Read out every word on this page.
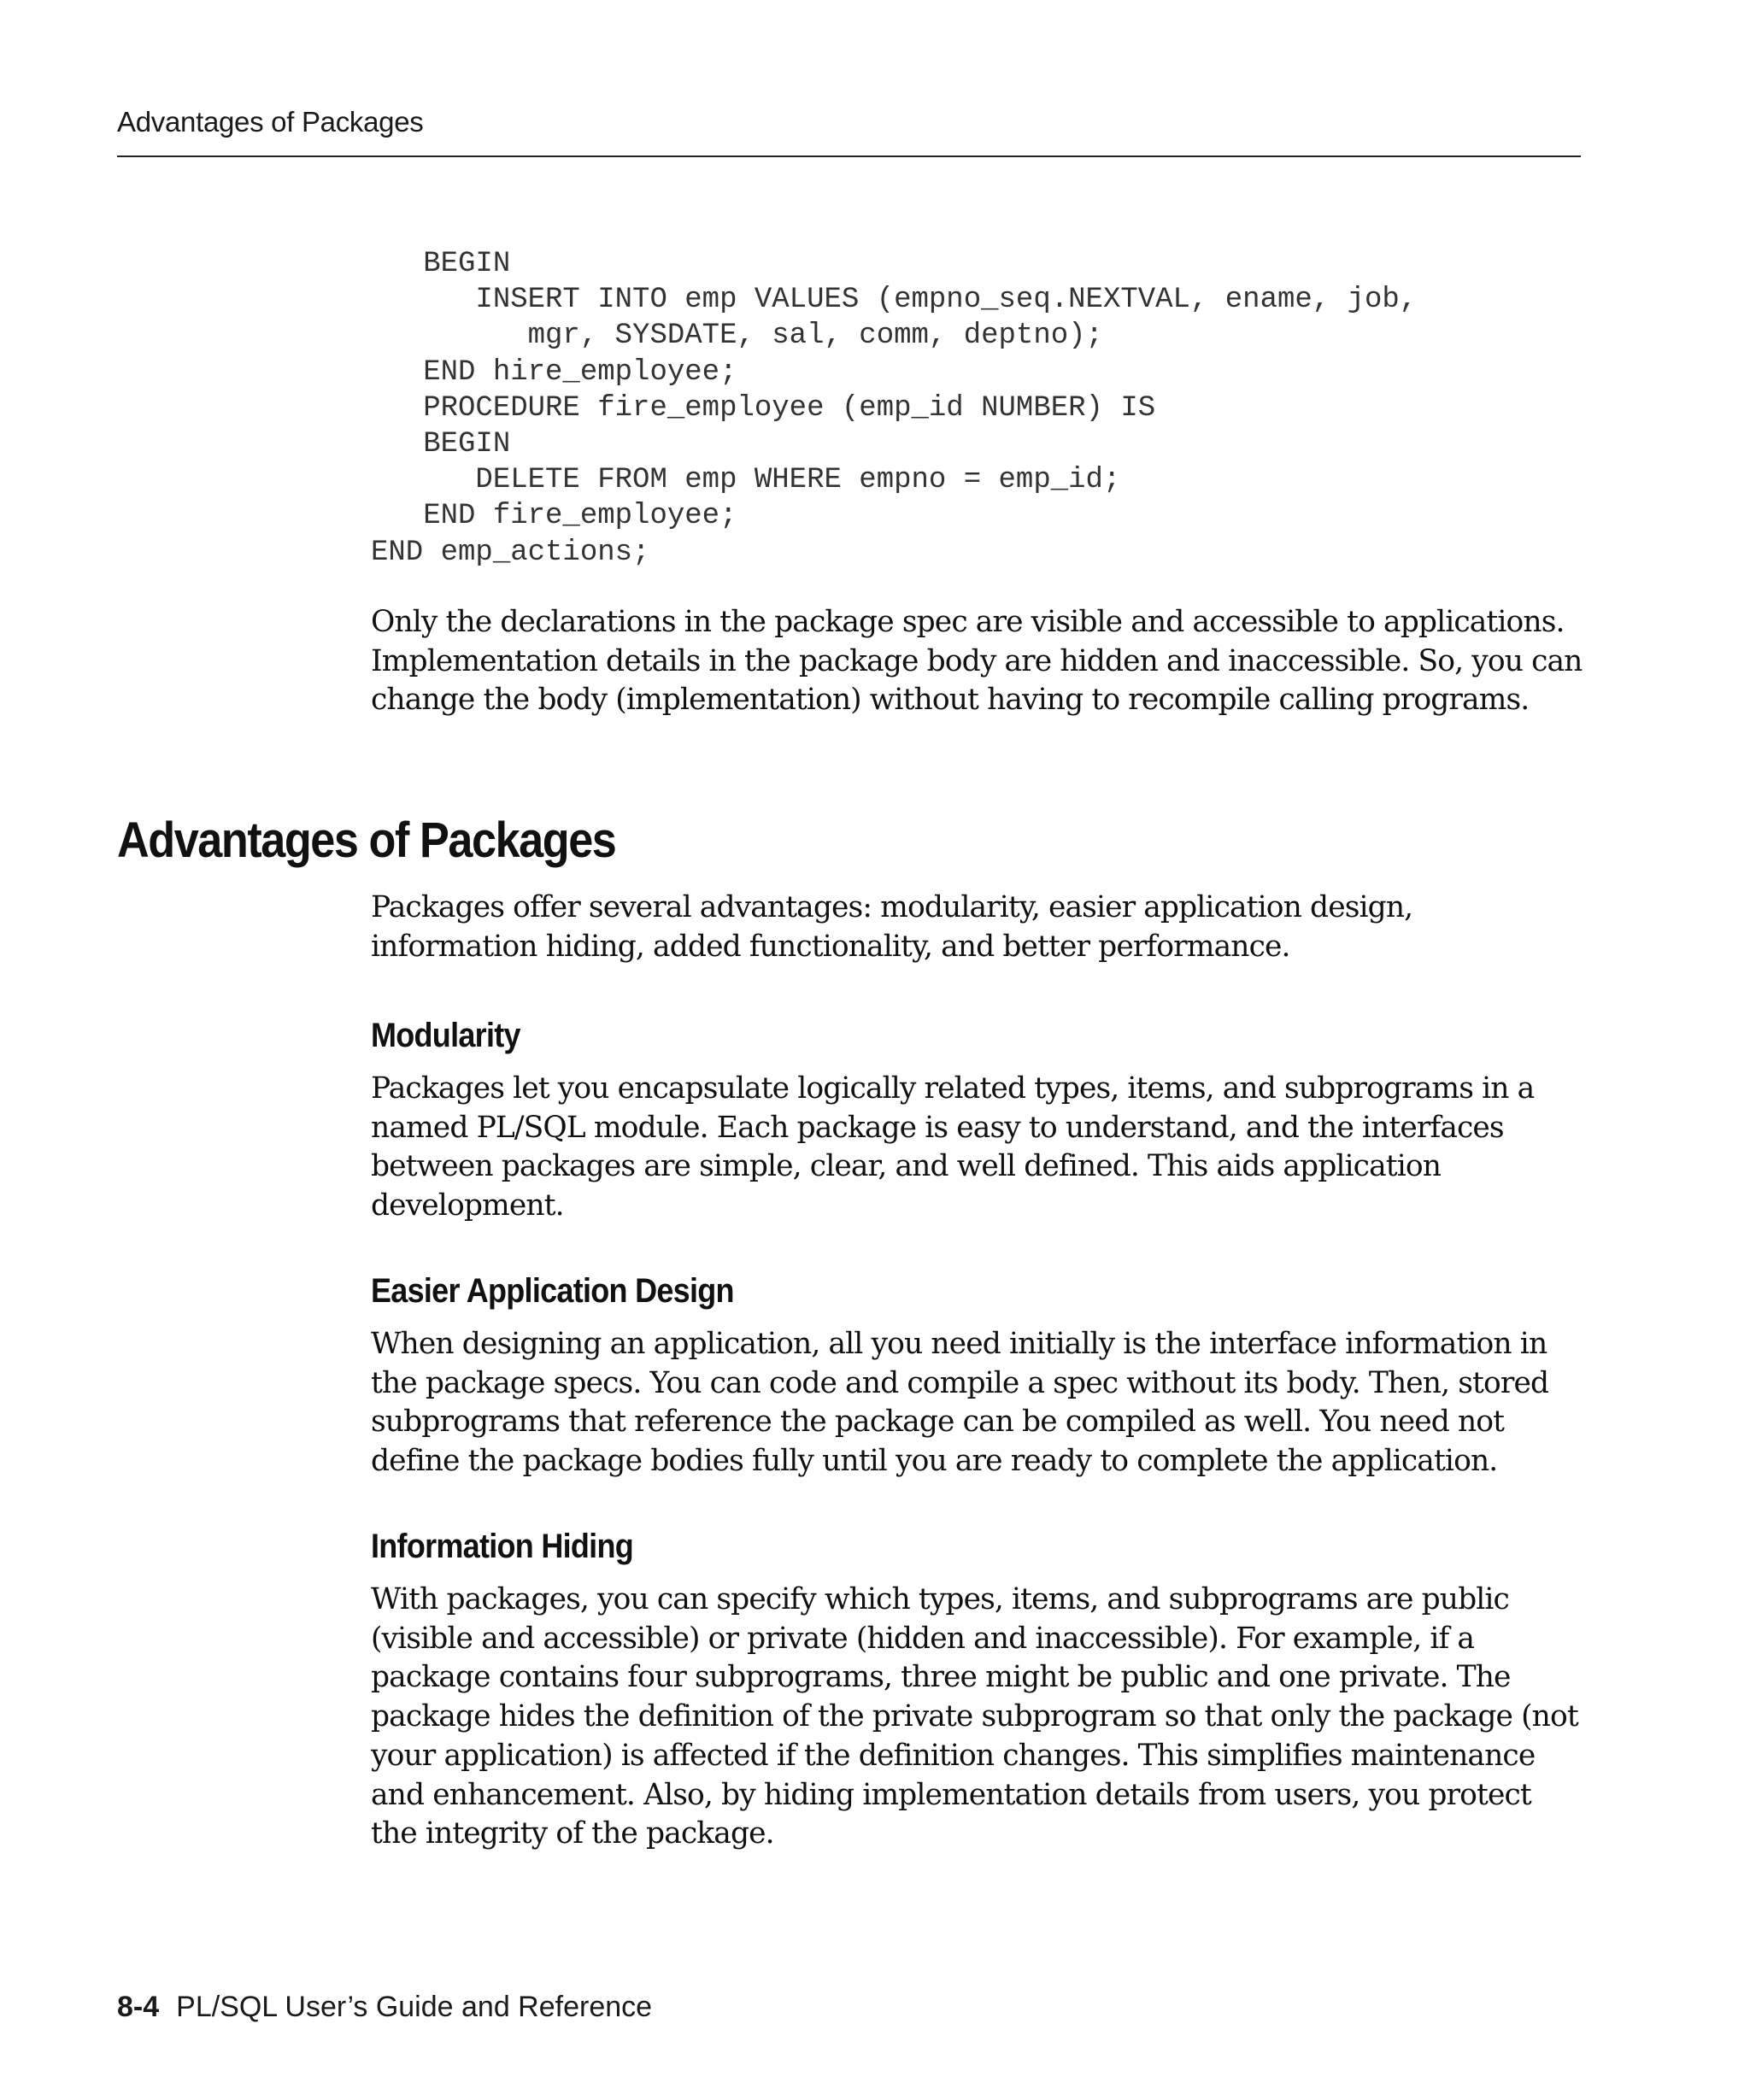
Advantages of Packages
BEGIN
INSERT INTO emp VALUES (empno_seq.NEXTVAL, ename, job,
mgr, SYSDATE, sal, comm, deptno);
END hire_employee;
PROCEDURE fire_employee (emp_id NUMBER) IS
BEGIN
DELETE FROM emp WHERE empno = emp_id;
END fire_employee;
END emp_actions;

Only the declarations in the package spec are visible and accessible to applications. Implementation details in the package body are hidden and inaccessible. So, you can change the body (implementation) without having to recompile calling programs.

Advantages of Packages

Packages offer several advantages: modularity, easier application design, information hiding, added functionality, and better performance.

Modularity

Packages let you encapsulate logically related types, items, and subprograms in a named PL/SQL module. Each package is easy to understand, and the interfaces between packages are simple, clear, and well defined. This aids application development.

Easier Application Design

When designing an application, all you need initially is the interface information in the package specs. You can code and compile a spec without its body. Then, stored subprograms that reference the package can be compiled as well. You need not define the package bodies fully until you are ready to complete the application.

Information Hiding

With packages, you can specify which types, items, and subprograms are public (visible and accessible) or private (hidden and inaccessible). For example, if a package contains four subprograms, three might be public and one private. The package hides the definition of the private subprogram so that only the package (not your application) is affected if the definition changes. This simplifies maintenance and enhancement. Also, by hiding implementation details from users, you protect the integrity of the package.

8-4 PL/SQL User’s Guide and Reference
